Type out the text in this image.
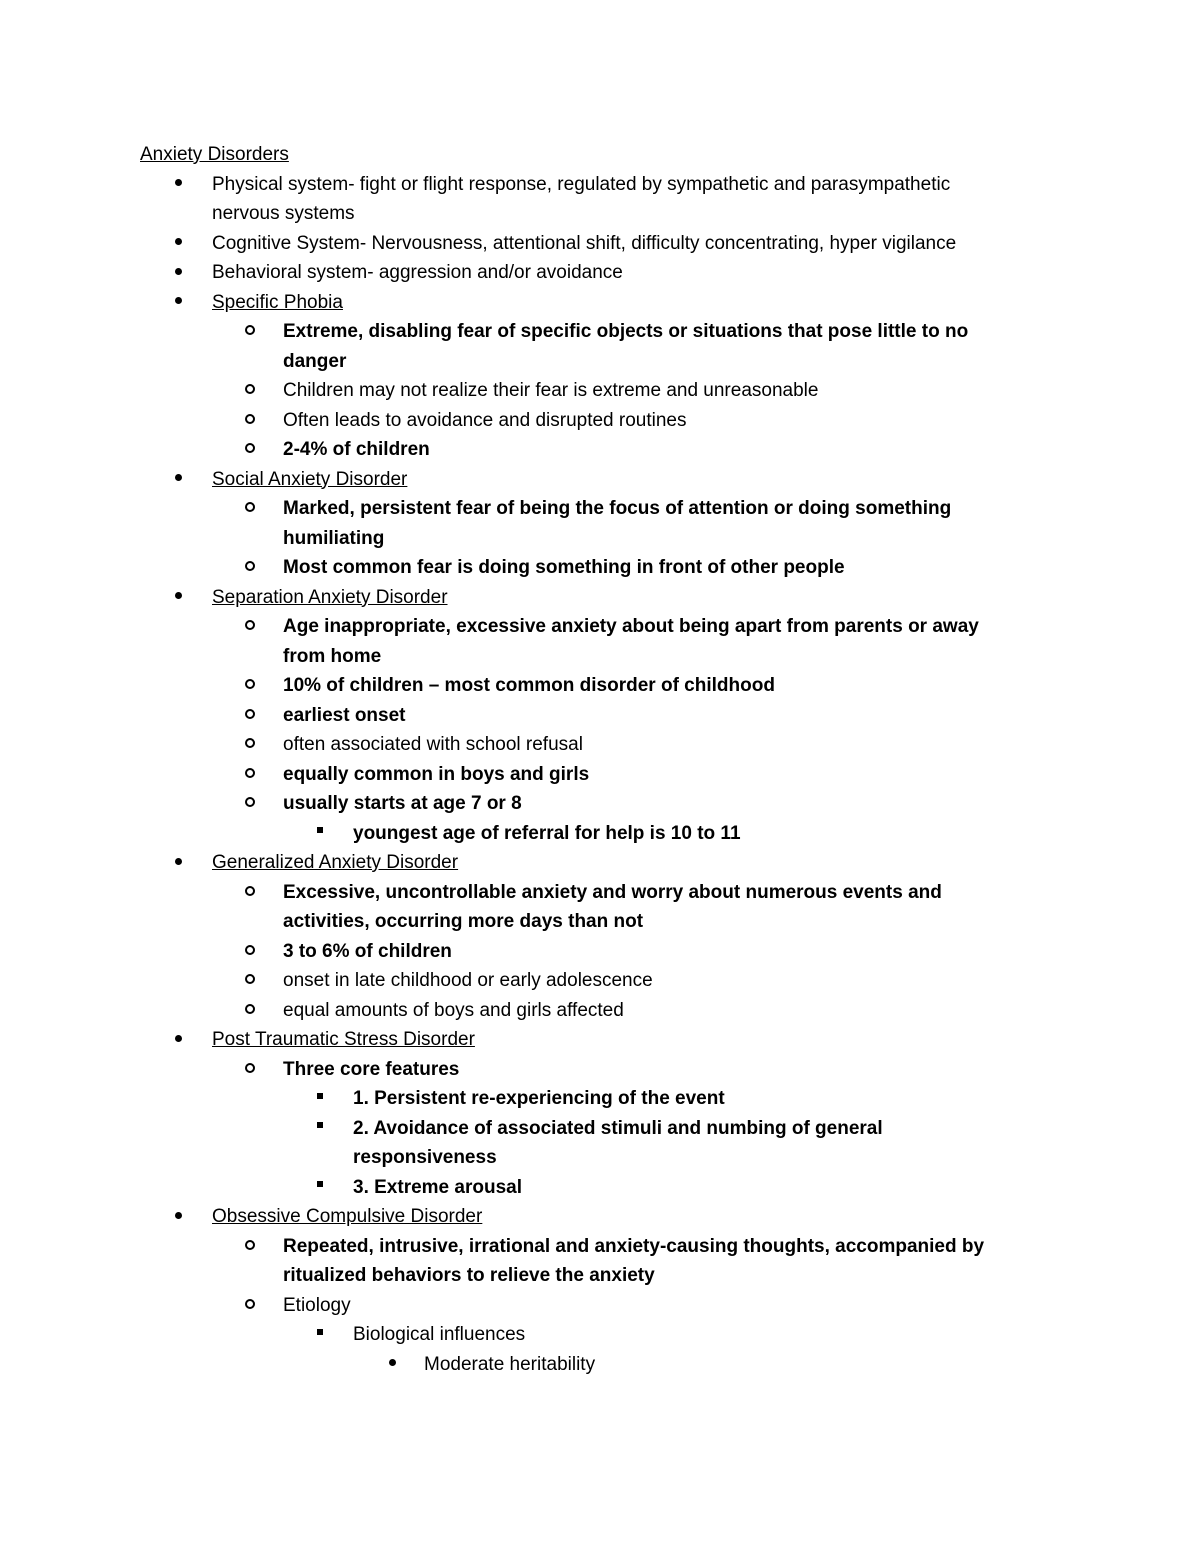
Anxiety Disorders
Physical system- fight or flight response, regulated by sympathetic and parasympathetic
nervous systems
Cognitive System- Nervousness, attentional shift, difficulty concentrating, hyper vigilance
Behavioral system- aggression and/or avoidance
Specific Phobia
Extreme, disabling fear of specific objects or situations that pose little to no
danger
Children may not realize their fear is extreme and unreasonable
Often leads to avoidance and disrupted routines
2-4% of children
Social Anxiety Disorder
Marked, persistent fear of being the focus of attention or doing something
humiliating
Most common fear is doing something in front of other people
Separation Anxiety Disorder
Age inappropriate, excessive anxiety about being apart from parents or away
from home
10% of children – most common disorder of childhood
earliest onset
often associated with school refusal
equally common in boys and girls
usually starts at age 7 or 8
youngest age of referral for help is 10 to 11
Generalized Anxiety Disorder
Excessive, uncontrollable anxiety and worry about numerous events and
activities, occurring more days than not
3 to 6% of children
onset in late childhood or early adolescence
equal amounts of boys and girls affected
Post Traumatic Stress Disorder
Three core features
1. Persistent re-experiencing of the event
2. Avoidance of associated stimuli and numbing of general
responsiveness
3. Extreme arousal
Obsessive Compulsive Disorder
Repeated, intrusive, irrational and anxiety-causing thoughts, accompanied by
ritualized behaviors to relieve the anxiety
Etiology
Biological influences
Moderate heritability
